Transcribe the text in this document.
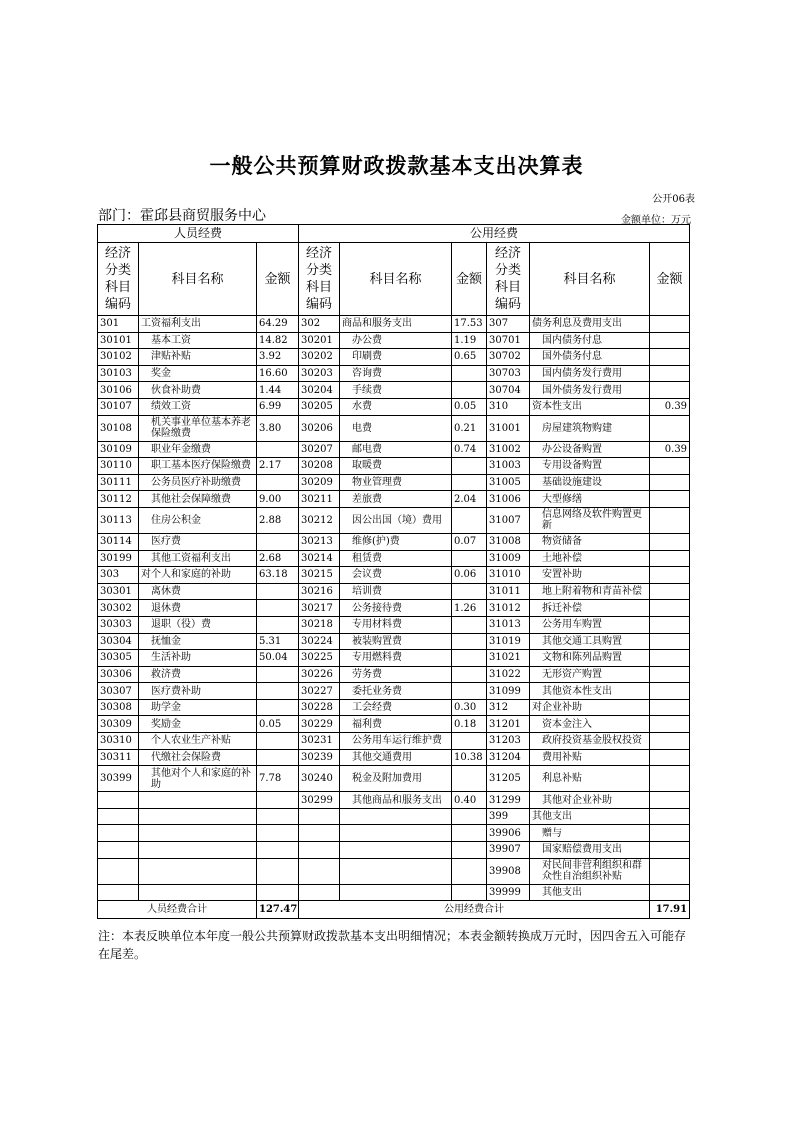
一般公共预算财政拨款基本支出决算表
公开06表
部门：霍邱县商贸服务中心	金额单位：万元
人员经费			公用经费					
经济分类科目编码	科目名称	金额	经济分类科目编码	科目名称	金额	经济分类科目编码	科目名称	金额
301	工资福利支出	64.29	302	商品和服务支出	17.53	307	债务利息及费用支出	
30101	基本工资	14.82	30201	办公费	1.19	30701	国内债务付息	
30102	津贴补贴	3.92	30202	印刷费	0.65	30702	国外债务付息	
30103	奖金	16.60	30203	咨询费		30703	国内债务发行费用	
30106	伙食补助费	1.44	30204	手续费		30704	国外债务发行费用	
30107	绩效工资	6.99	30205	水费	0.05	310	资本性支出	0.39
30108	机关事业单位基本养老保险缴费	3.80	30206	电费	0.21	31001	房屋建筑物购建	
30109	职业年金缴费		30207	邮电费	0.74	31002	办公设备购置	0.39
30110	职工基本医疗保险缴费	2.17	30208	取暖费		31003	专用设备购置	
30111	公务员医疗补助缴费		30209	物业管理费		31005	基础设施建设	
30112	其他社会保障缴费	9.00	30211	差旅费	2.04	31006	大型修缮	
30113	住房公积金	2.88	30212	因公出国（境）费用		31007	信息网络及软件购置更新	
30114	医疗费		30213	维修(护)费	0.07	31008	物资储备	
30199	其他工资福利支出	2.68	30214	租赁费		31009	土地补偿	
303	对个人和家庭的补助	63.18	30215	会议费	0.06	31010	安置补助	
30301	离休费		30216	培训费		31011	地上附着物和青苗补偿	
30302	退休费		30217	公务接待费	1.26	31012	拆迁补偿	
30303	退职（役）费		30218	专用材料费		31013	公务用车购置	
30304	抚恤金	5.31	30224	被装购置费		31019	其他交通工具购置	
30305	生活补助	50.04	30225	专用燃料费		31021	文物和陈列品购置	
30306	救济费		30226	劳务费		31022	无形资产购置	
30307	医疗费补助		30227	委托业务费		31099	其他资本性支出	
30308	助学金		30228	工会经费	0.30	312	对企业补助	
30309	奖励金	0.05	30229	福利费	0.18	31201	资本金注入	
30310	个人农业生产补贴		30231	公务用车运行维护费		31203	政府投资基金股权投资	
30311	代缴社会保险费		30239	其他交通费用	10.38	31204	费用补贴	
30399	其他对个人和家庭的补助	7.78	30240	税金及附加费用		31205	利息补贴	
			30299	其他商品和服务支出	0.40	31299	其他对企业补助	
						399	其他支出	
						39906	赠与	
						39907	国家赔偿费用支出	
						39908	对民间非营利组织和群众性自治组织补贴	
						39999	其他支出	
人员经费合计		127.47	公用经费合计					17.91
注：本表反映单位本年度一般公共预算财政拨款基本支出明细情况；本表金额转换成万元时，因四舍五入可能存在尾差。
